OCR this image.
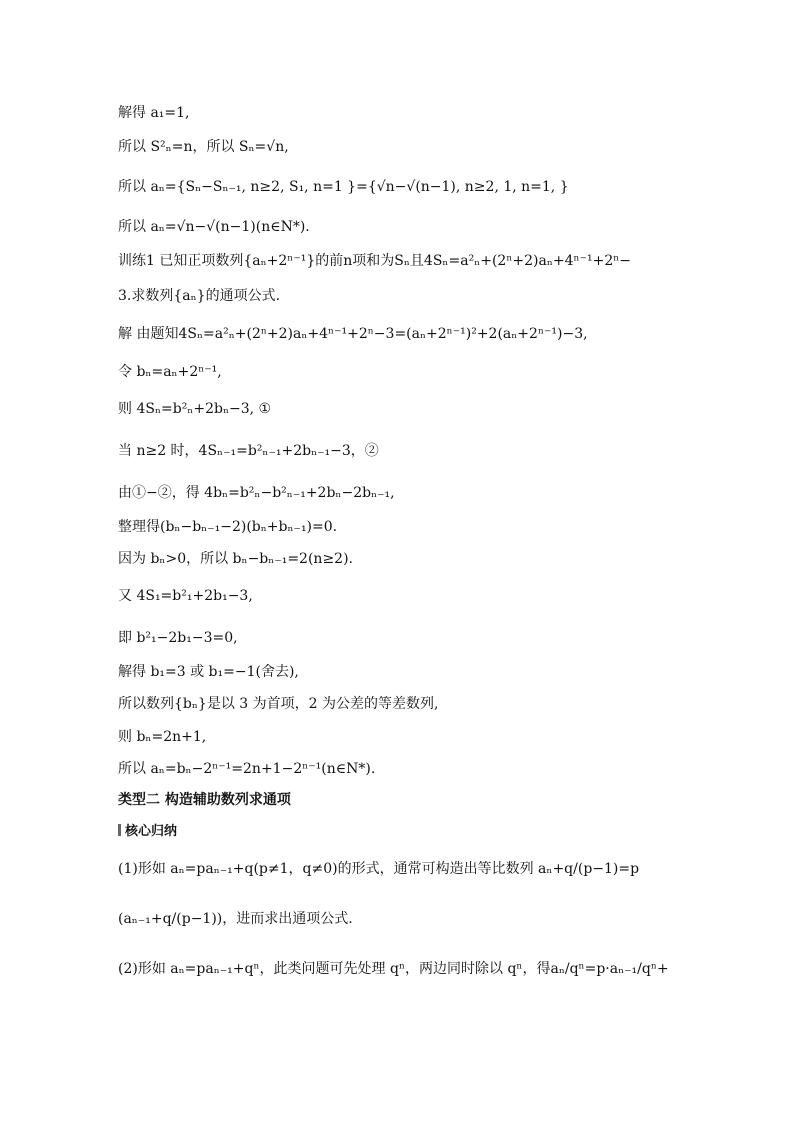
解得 a₁=1,
所以 S²ₙ=n，所以 Sₙ=√n,
所以 aₙ={Sₙ−Sₙ₋₁, n≥2, S₁, n=1 }={√n−√(n−1), n≥2, 1, n=1, }
所以 aₙ=√n−√(n−1)(n∈N*).
训练1 已知正项数列{aₙ+2ⁿ⁻¹}的前n项和为Sₙ且4Sₙ=a²ₙ+(2ⁿ+2)aₙ+4ⁿ⁻¹+2ⁿ−
3.求数列{aₙ}的通项公式.
解 由题知4Sₙ=a²ₙ+(2ⁿ+2)aₙ+4ⁿ⁻¹+2ⁿ−3=(aₙ+2ⁿ⁻¹)²+2(aₙ+2ⁿ⁻¹)−3,
令 bₙ=aₙ+2ⁿ⁻¹,
则 4Sₙ=b²ₙ+2bₙ−3, ①
当 n≥2 时，4Sₙ₋₁=b²ₙ₋₁+2bₙ₋₁−3，②
由①−②，得 4bₙ=b²ₙ−b²ₙ₋₁+2bₙ−2bₙ₋₁,
整理得(bₙ−bₙ₋₁−2)(bₙ+bₙ₋₁)=0.
因为 bₙ>0，所以 bₙ−bₙ₋₁=2(n≥2).
又 4S₁=b²₁+2b₁−3,
即 b²₁−2b₁−3=0,
解得 b₁=3 或 b₁=−1(舍去),
所以数列{bₙ}是以 3 为首项，2 为公差的等差数列,
则 bₙ=2n+1,
所以 aₙ=bₙ−2ⁿ⁻¹=2n+1−2ⁿ⁻¹(n∈N*).
类型二 构造辅助数列求通项
核心归纳
(1)形如 aₙ=paₙ₋₁+q(p≠1，q≠0)的形式，通常可构造出等比数列 aₙ+q/(p−1)=p
(aₙ₋₁+q/(p−1))，进而求出通项公式.
(2)形如 aₙ=paₙ₋₁+qⁿ，此类问题可先处理 qⁿ，两边同时除以 qⁿ，得aₙ/qⁿ=p·aₙ₋₁/qⁿ+
